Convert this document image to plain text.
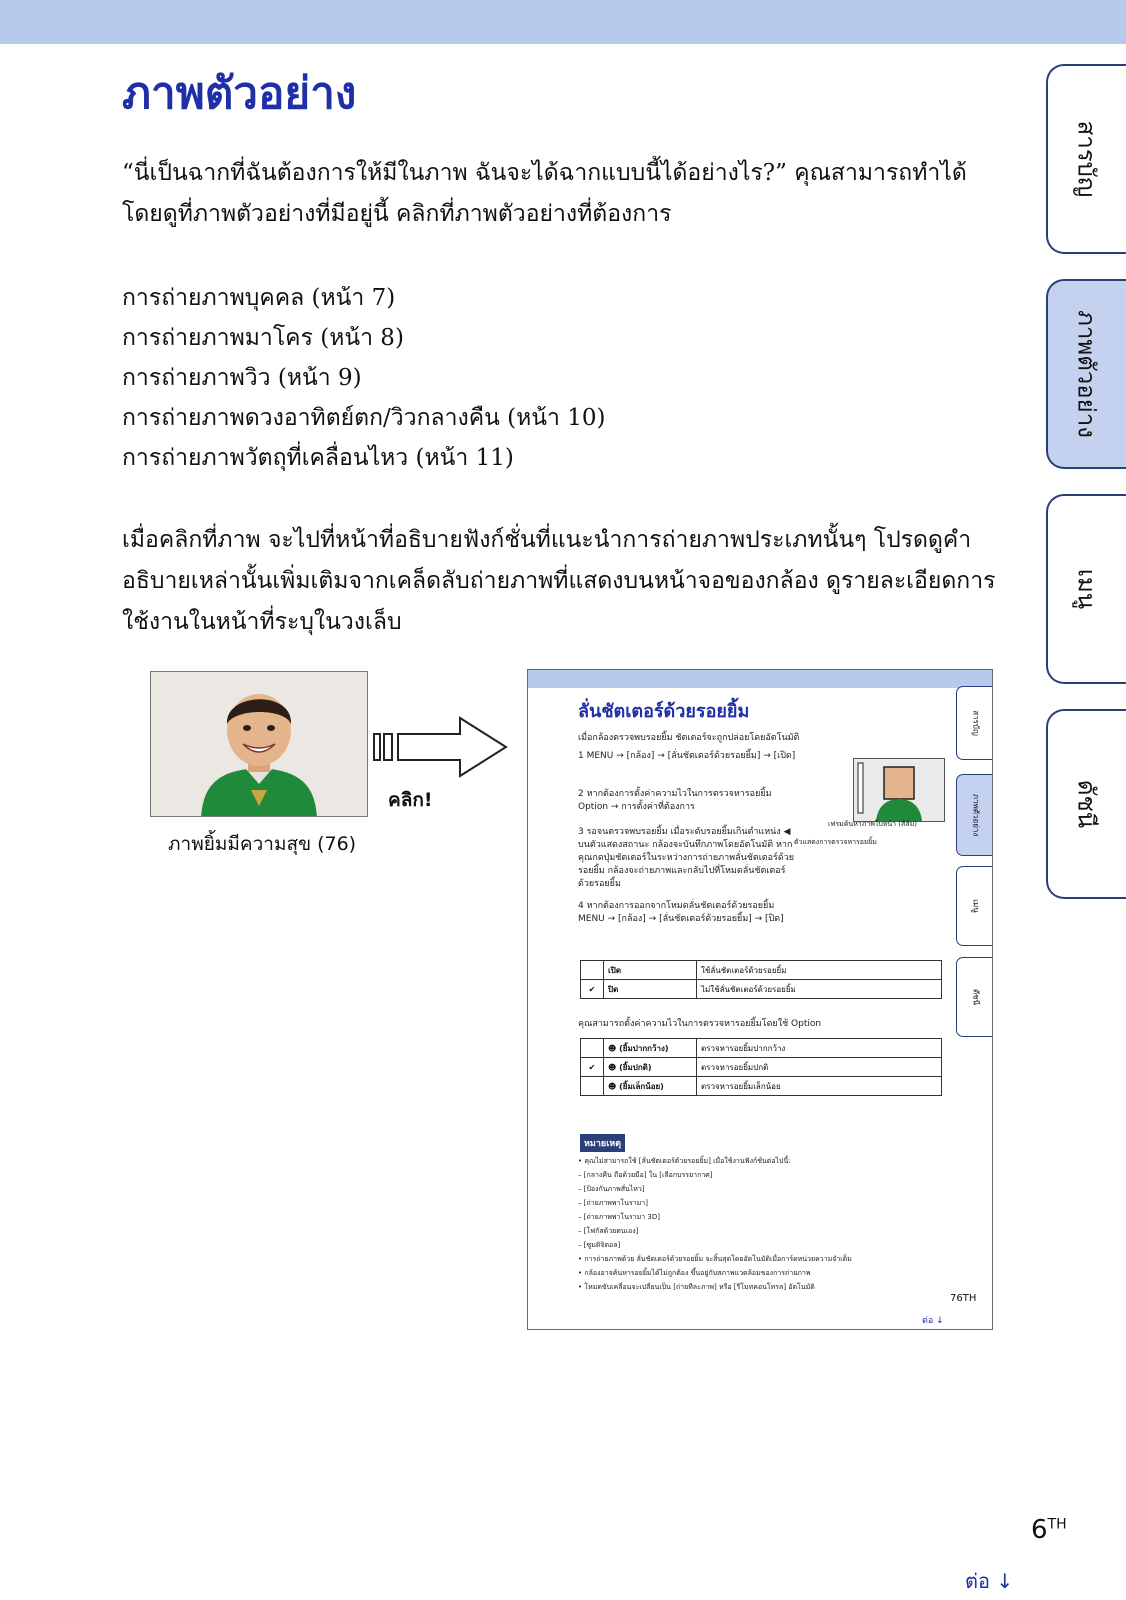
ภาพตัวอย่าง

“นี่เป็นฉากที่ฉันต้องการให้มีในภาพ ฉันจะได้ฉากแบบนี้ได้อย่างไร?” คุณสามารถทำได้โดยดูที่ภาพตัวอย่างที่มีอยู่นี้ คลิกที่ภาพตัวอย่างที่ต้องการ

การถ่ายภาพบุคคล (หน้า 7)
การถ่ายภาพมาโคร (หน้า 8)
การถ่ายภาพวิว (หน้า 9)
การถ่ายภาพดวงอาทิตย์ตก/วิวกลางคืน (หน้า 10)
การถ่ายภาพวัตถุที่เคลื่อนไหว (หน้า 11)

เมื่อคลิกที่ภาพ จะไปที่หน้าที่อธิบายฟังก์ชั่นที่แนะนำการถ่ายภาพประเภทนั้นๆ โปรดดูคำอธิบายเหล่านั้นเพิ่มเติมจากเคล็ดลับถ่ายภาพที่แสดงบนหน้าจอของกล้อง ดูรายละเอียดการใช้งานในหน้าที่ระบุในวงเล็บ

สารบัญ
ภาพตัวอย่าง
เมนู
ดัชนี
ภาพยิ้มมีความสุข (76)
คลิก!
ลั่นชัตเตอร์ด้วยรอยยิ้ม
เมื่อกล้องตรวจพบรอยยิ้ม ชัตเตอร์จะถูกปล่อยโดยอัตโนมัติ
1 MENU → [กล้อง] → [ลั่นชัตเตอร์ด้วยรอยยิ้ม] → [เปิด]
2 หากต้องการตั้งค่าความไวในการตรวจหารอยยิ้ม Option → การตั้งค่าที่ต้องการ
3 รอจนตรวจพบรอยยิ้ม เมื่อระดับรอยยิ้มเกินตำแหน่ง ◀ บนตัวแสดงสถานะ กล้องจะบันทึกภาพโดยอัตโนมัติ หากคุณกดปุ่มชัตเตอร์ในระหว่างการถ่ายภาพลั่นชัตเตอร์ด้วยรอยยิ้ม กล้องจะถ่ายภาพและกลับไปที่โหมดลั่นชัตเตอร์ด้วยรอยยิ้ม
4 หากต้องการออกจากโหมดลั่นชัตเตอร์ด้วยรอยยิ้ม MENU → [กล้อง] → [ลั่นชัตเตอร์ด้วยรอยยิ้ม] → [ปิด]
เฟรมค้นหาภาพใบหน้า (สีส้ม)
ตัวแสดงการตรวจหารอยยิ้ม
	เปิด	ใช้ลั่นชัตเตอร์ด้วยรอยยิ้ม
✔	ปิด	ไม่ใช้ลั่นชัตเตอร์ด้วยรอยยิ้ม
คุณสามารถตั้งค่าความไวในการตรวจหารอยยิ้มโดยใช้ Option
	☻ (ยิ้มปากกว้าง)	ตรวจหารอยยิ้มปากกว้าง
✔	☻ (ยิ้มปกติ)	ตรวจหารอยยิ้มปกติ
	☻ (ยิ้มเล็กน้อย)	ตรวจหารอยยิ้มเล็กน้อย
หมายเหตุ
• คุณไม่สามารถใช้ [ลั่นชัตเตอร์ด้วยรอยยิ้ม] เมื่อใช้งานฟังก์ชั่นต่อไปนี้:
– [กลางคืน ถือด้วยมือ] ใน [เลือกบรรยากาศ]
– [ป้องกันภาพสั่นไหว]
– [ถ่ายภาพพาโนรามา]
– [ถ่ายภาพพาโนรามา 3D]
– [โฟกัสด้วยตนเอง]
– [ซูมดิจิตอล]
• การถ่ายภาพด้วย ลั่นชัตเตอร์ด้วยรอยยิ้ม จะสิ้นสุดโดยอัตโนมัติเมื่อการ์ดหน่วยความจำเต็ม
• กล้องอาจค้นหารอยยิ้มได้ไม่ถูกต้อง ขึ้นอยู่กับสภาพแวดล้อมของการถ่ายภาพ
• โหมดขับเคลื่อนจะเปลี่ยนเป็น [ถ่ายทีละภาพ] หรือ [รีโมทคอนโทรล] อัตโนมัติ
สารบัญ
ภาพตัวอย่าง
เมนู
ดัชนี
76TH
ต่อ ↓
6TH
ต่อ ↓
